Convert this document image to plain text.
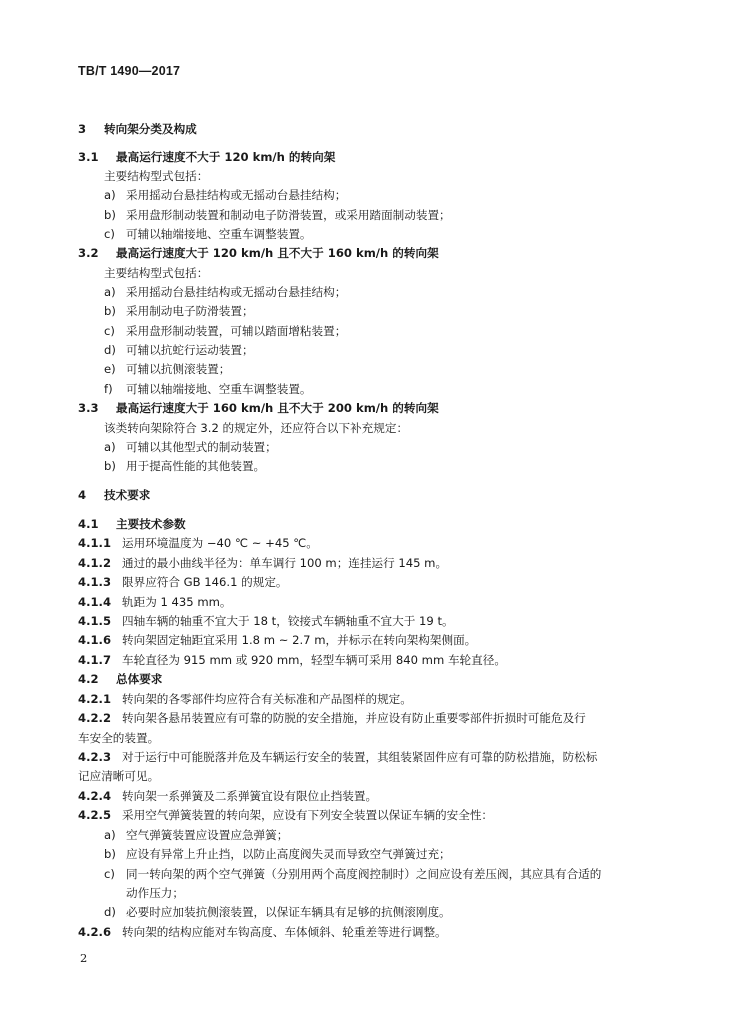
TB/T 1490—2017
3 转向架分类及构成
3.1 最高运行速度不大于 120 km/h 的转向架
主要结构型式包括：
a) 采用摇动台悬挂结构或无摇动台悬挂结构；
b) 采用盘形制动装置和制动电子防滑装置，或采用踏面制动装置；
c) 可辅以轴端接地、空重车调整装置。
3.2 最高运行速度大于 120 km/h 且不大于 160 km/h 的转向架
主要结构型式包括：
a) 采用摇动台悬挂结构或无摇动台悬挂结构；
b) 采用制动电子防滑装置；
c) 采用盘形制动装置，可辅以踏面增粘装置；
d) 可辅以抗蛇行运动装置；
e) 可辅以抗侧滚装置；
f) 可辅以轴端接地、空重车调整装置。
3.3 最高运行速度大于 160 km/h 且不大于 200 km/h 的转向架
该类转向架除符合 3.2 的规定外，还应符合以下补充规定：
a) 可辅以其他型式的制动装置；
b) 用于提高性能的其他装置。
4 技术要求
4.1 主要技术参数
4.1.1 运用环境温度为 −40 ℃ ~ +45 ℃。
4.1.2 通过的最小曲线半径为：单车调行 100 m；连挂运行 145 m。
4.1.3 限界应符合 GB 146.1 的规定。
4.1.4 轨距为 1 435 mm。
4.1.5 四轴车辆的轴重不宜大于 18 t，铰接式车辆轴重不宜大于 19 t。
4.1.6 转向架固定轴距宜采用 1.8 m ~ 2.7 m，并标示在转向架构架侧面。
4.1.7 车轮直径为 915 mm 或 920 mm，轻型车辆可采用 840 mm 车轮直径。
4.2 总体要求
4.2.1 转向架的各零部件均应符合有关标准和产品图样的规定。
4.2.2 转向架各悬吊装置应有可靠的防脱的安全措施，并应设有防止重要零部件折损时可能危及行
车安全的装置。
4.2.3 对于运行中可能脱落并危及车辆运行安全的装置，其组装紧固件应有可靠的防松措施，防松标
记应清晰可见。
4.2.4 转向架一系弹簧及二系弹簧宜设有限位止挡装置。
4.2.5 采用空气弹簧装置的转向架，应设有下列安全装置以保证车辆的安全性：
a) 空气弹簧装置应设置应急弹簧；
b) 应设有异常上升止挡，以防止高度阀失灵而导致空气弹簧过充；
c) 同一转向架的两个空气弹簧（分别用两个高度阀控制时）之间应设有差压阀，其应具有合适的
动作压力；
d) 必要时应加装抗侧滚装置，以保证车辆具有足够的抗侧滚刚度。
4.2.6 转向架的结构应能对车钩高度、车体倾斜、轮重差等进行调整。
2
